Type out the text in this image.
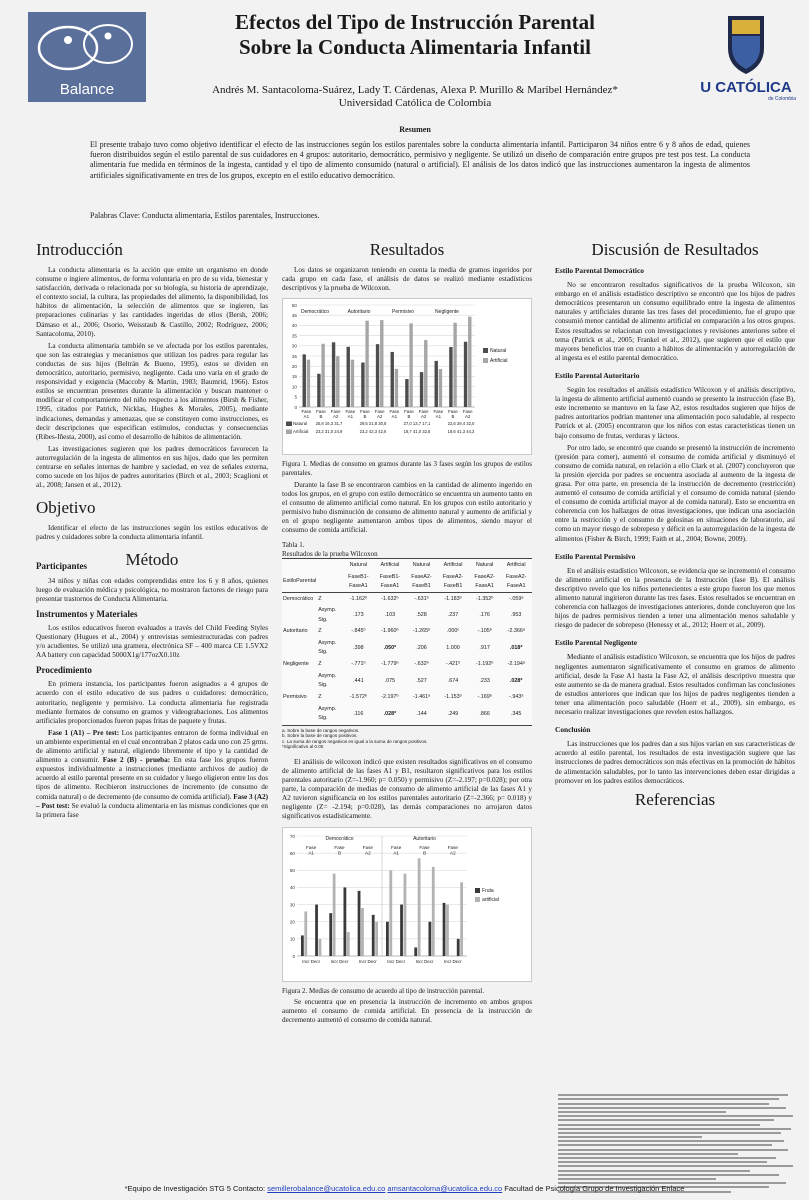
Balance
Efectos del Tipo de Instrucción Parental
Sobre la Conducta Alimentaria Infantil
Andrés M. Santacoloma-Suárez, Lady T. Cárdenas, Alexa P. Murillo & Maribel Hernández*
Universidad Católica de Colombia
U CATÓLICA
de Colombia
Resumen
El presente trabajo tuvo como objetivo identificar el efecto de las instrucciones según los estilos parentales sobre la conducta alimentaria infantil. Participaron 34 niños entre 6 y 8 años de edad, quienes fueron distribuidos según el estilo parental de sus cuidadores en 4 grupos: autoritario, democrático, permisivo y negligente. Se utilizó un diseño de comparación entre grupos pre test pos test. La conducta alimentaria fue medida en términos de la ingesta, cantidad y el tipo de alimento consumido (natural o artificial). El análisis de los datos indicó que las instrucciones aumentaron la ingesta de alimentos artificiales significativamente en tres de los grupos, excepto en el estilo educativo democrático.
Palabras Clave: Conducta alimentaria, Estilos parentales, Instrucciones.
Introducción

La conducta alimentaria es la acción que emite un organismo en donde consume o ingiere alimentos, de forma voluntaria en pro de su vida, bienestar y satisfacción, derivada o relacionada por su biología, su historia de aprendizaje, el contexto social, la cultura, las propiedades del alimento, la disponibilidad, los hábitos de alimentación, la selección de alimentos que se ingieren, las preparaciones culinarias y las cantidades ingeridas de ellos (Bersh, 2006; Dámaso et al., 2006; Osorio, Weisstaub & Castillo, 2002; Rodríguez, 2006; Santacoloma, 2010).

La conducta alimentaria también se ve afectada por los estilos parentales, que son las estrategias y mecanismos que utilizan los padres para regular las conductas de sus hijos (Beltrán & Bueno, 1995), estos se dividen en democrático, autoritario, permisivo, negligente. Cada uno varía en el grado de responsividad y exigencia (Maccoby & Martin, 1983; Baumrid, 1966). Estos estilos se encuentran presentes durante la alimentación y buscan mantener o modificar el comportamiento del niño respecto a los alimentos (Birsh & Fisher, 1995, citados por Patrick, Nicklas, Hughes & Morales, 2005), mediante indicaciones, demandas y amenazas, que se constituyen como instrucciones, es decir descripciones que especifican estímulos, conductas y consecuencias (Ribes-Iñesta, 2000), así como el desarrollo de hábitos de alimentación.

Las investigaciones sugieren que los padres democráticos favorecen la autorregulación de la ingesta de alimentos en sus hijos, dado que les permiten centrarse en señales internas de hambre y saciedad, en vez de señales externa, como sucede en los hijos de padres autoritarios (Birch et al., 2003; Scaglioni et al., 2008; Jansen et al., 2012).

Objetivo

Identificar el efecto de las instrucciones según los estilos educativos de padres y cuidadores sobre la conducta alimentaria infantil.

Método
Participantes

34 niños y niñas con edades comprendidas entre los 6 y 8 años, quienes luego de evaluación médica y psicológica, no mostraron factores de riesgo para presentar trastornos de Conducta Alimentaria.

Instrumentos y Materiales

Los estilos educativos fueron evaluados a través del Child Feeding Styles Questionary (Hugues et al., 2004) y entrevistas semiestructuradas con padres y/o acudientes. Se utilizó una gramera, electrónica SF – 400 marca CE 1.5VX2 AA battery con capacidad 5000X1g/177ozX0.10z

Procedimiento

En primera instancia, los participantes fueron asignados a 4 grupos de acuerdo con el estilo educativo de sus padres o cuidadores: democrático, autoritario, negligente y permisivo. La conducta alimentaria fue registrada mediante formatos de consumo en gramos y videograbaciones. Los alimentos artificiales proporcionados fueron papas fritas de paquete y frutas.

Fase 1 (A1) – Pre test: Los participantes entraron de forma individual en un ambiente experimental en el cual encontraban 2 platos cada uno con 25 grms. de alimento artificial y natural, eligiendo libremente el tipo y la cantidad de alimento a consumir. Fase 2 (B) - prueba: En esta fase los grupos fueron expuestos individualmente a instrucciones (mediante archivos de audio) de acuerdo al estilo parental presente en su cuidador y luego eligieron entre los dos tipos de alimento. Recibieron instrucciones de incremento (de consumo de comida natural) o de decremento (de consumo de comida artificial). Fase 3 (A2) – Post test: Se evaluó la conducta alimentaria en las mismas condiciones que en la primera fase

Resultados

Los datos se organizaron teniendo en cuenta la media de gramos ingeridos por cada grupo en cada fase, el análisis de datos se realizó mediante estadísticos descriptivos y la prueba de Wilcoxon.

0
5
10
15
20
25
30
35
40
45
50
Democrático
Fase
A1
Fase
B
Fase
A2
Autoritario
Fase
A1
Fase
B
Fase
A2
Permisivo
Fase
A1
Fase
B
Fase
A2
Negligente
Fase
A1
Fase
B
Fase
A2
Natural
Artificial
25,8 16,3 31,7
23,2 31,0 24,9
29,5 21,8 30,8
23,2 42,3 42,6
27,0 13,7 17,1
18,7 41,0 32,8
22,6 29,4 32,0
18,6 41,3 44,3
Natural
Artificial

Figura 1. Medias de consumo en gramos durante las 3 fases según los grupos de estilos parentales.

Durante la fase B se encontraron cambios en la cantidad de alimento ingerido en todos los grupos, en el grupo con estilo democrático se encuentra un aumento tanto en el consumo de alimento artificial como natural. En los grupos con estilo autoritario y permisivo hubo disminución de consumo de alimento natural y aumento de artificial y en el grupo negligente aumentaron ambos tipos de alimentos, siendo mayor el consumo de comida artificial.

Tabla 1.
Resultados de la prueba Wilcoxon
		Natural	Artificial	Natural	Artificial	Natural	Artificial
EstiloParental		FaseB1-FaseA1	FaseB1-FaseA1	FaseA2-FaseB1	FaseA2-FaseB1	FaseA2-FaseA1	FaseA2-FaseA1
Democrático	Z	-1.162ᵇ	-1.632ᵇ	-.631ᵇ	-1.183ᵇ	-1.352ᵇ	-.059ᵃ
	Asymp. Sig.	.173	.103	.528	.237	.176	.953
Autoritario	Z	-.845ᵇ	-1.960ᵇ	-1.265ᵇ	.000ᶜ	-.105ᵇ	-2.366ᵃ
	Asymp. Sig.	.398	.050*	.206	1.000	.917	.018*
Negligente	Z	-.771ᵇ	-1.779ᵇ	-.632ᵇ	-.421ᵇ	-1.192ᵇ	-2.194ᵃ
	Asymp. Sig.	.441	.075	.527	.674	.233	.028*
Permisivo	Z	-1.572ᵇ	-2.197ᵇ	-1.461ᵃ	-1.153ᵇ	-.169ᵇ	-.943ᵃ
	Asymp. Sig.	.116	.028*	.144	.249	.866	.345
a. Sobre la base de rangos negativos.
b. Sobre la base de rangos positivos.
c. La suma de rangos negativos es igual a la suma de rangos positivos.
*Significativo al 0.05

El análisis de wilcoxon indicó que existen resultados significativos en el consumo de alimento artificial de las fases A1 y B1, resultaron significativos para los estilos parentales autoritario (Z=-1.960; p= 0.050) y permisivo (Z=-2.197; p=0.028); por otra parte, la comparación de medias de consumo de alimento artificial de las fases A1 y A2 tuvieron significancia en los estilos parentales autoritario (Z=-2.366; p= 0.018) y negligente (Z= -2.194; p=0.028), las demás comparaciones no arrojaron datos significativos estadísticamente.

0
10
20
30
40
50
60
70
Incr Decr Incr Decr Incr Decr Incr Decr Incr Decr Incr Decr
Democrático
Fase
A1
Fase
B
Fase
A2
Autoritario
Fase
A1
Fase
B
Fase
A2
Fruta
artificial

Figura 2. Medias de consumo de acuerdo al tipo de instrucción parental.

Se encuentra que en presencia la instrucción de incremento en ambos grupos aumento el consumo de comida artificial. En presencia de la instrucción de decremento aumentó el consumo de comida natural.

Discusión de Resultados
Estilo Parental Democrático

No se encontraron resultados significativos de la prueba Wilcoxon, sin embargo en el análisis estadístico descriptivo se encontró que los hijos de padres democráticos presentaron un consumo equilibrado entre la ingesta de alimentos naturales y artificiales durante las tres fases del procedimiento, fue el grupo que consumió menor cantidad de alimento artificial en comparación a los otros grupos. Estos resultados se relacionan con investigaciones y revisiones anteriores sobre el tema (Patrick et al., 2005; Frankel et al., 2012), que sugieren que el estilo que mayores beneficios trae en cuanto a hábitos de alimentación y autorregulación de al ingesta es el estilo parental democrático.

Estilo Parental Autoritario

Según los resultados el análisis estadístico Wilcoxon y el análisis descriptivo, la ingesta de alimento artificial aumentó cuando se presento la instrucción (fase B), este incremento se mantuvo en la fase A2, estos resultados sugieren que hijos de padres autoritarios podrían mantener una alimentación poco saludable, al respecto Patrick et al. (2005) encontraron que los niños con estas características tienen un bajo consumo de frutas, verduras y lácteos.

Por otro lado, se encontró que cuando se presentó la instrucción de incremento (presión para comer), aumentó el consumo de comida artificial y disminuyó el consumo de comida natural, en relación a ello Clark et al. (2007) concluyeron que la presión ejercida por padres se encuentra asociada al aumento de la ingesta de grasa. Por otra parte, en presencia de la instrucción de decremento (restricción) aumentó el consumo de comida artificial y el consumo de comida natural (siendo el consumo de comida artificial mayor al de comida natural). Esto se encuentra en coherencia con los hallazgos de otras investigaciones, que indican una asociación entre la restricción y el consumo de golosinas en situaciones de laboratorio, así como un mayor riesgo de sobrepeso y déficit en la autorregulación de la ingesta de alimentos (Fisher & Birch, 1999; Faith et al., 2004; Bowne, 2009).

Estilo Parental Permisivo

En el análisis estadístico Wilcoxon, se evidencia que se incrementó el consumo de alimento artificial en la presencia de la Instrucción (fase B). El análisis descriptivo revelo que los niños pertenecientes a este grupo fueron los que menos alimento natural ingirieron durante las tres fases. Estos resultados se encuentran en coherencia con hallazgos de investigaciones anteriores, donde concluyeron que los hijos de padres permisivos tienden a tener una alimentación menos saludable y riesgo de padecer de sobrepeso (Henessy et al., 2012; Hoerr et al., 2009).

Estilo Parental Negligente

Mediante el análisis estadístico Wilcoxon, se encuentra que los hijos de padres negligentes aumentaron significativamente el consumo en gramos de alimento artificial, desde la Fase A1 hasta la Fase A2, el análisis descriptivo muestra que este aumento se da de manera gradual. Estos resultados confirman las conclusiones de estudios anteriores que indican que los hijos de padres negligentes tienden a tener una alimentación poco saludable (Hoerr et al., 2009), sin embargo, es necesario realizar investigaciones que revelen estos hallazgos.

Conclusión

Las instrucciones que los padres dan a sus hijos varían en sus características de acuerdo al estilo parental, los resultados de esta investigación sugiere que las instrucciones de padres democráticos son más efectivas en la promoción de hábitos de alimentación saludables, por lo tanto las intervenciones deben estar dirigidas a promover en los padres estilos democráticos.

Referencias
*Equipo de Investigación STG 5 Contacto: semillerobalance@ucatolica.edu.co amsantacoloma@ucatolica.edu.co Facultad de Psicología Grupo de Investigación Enlace
